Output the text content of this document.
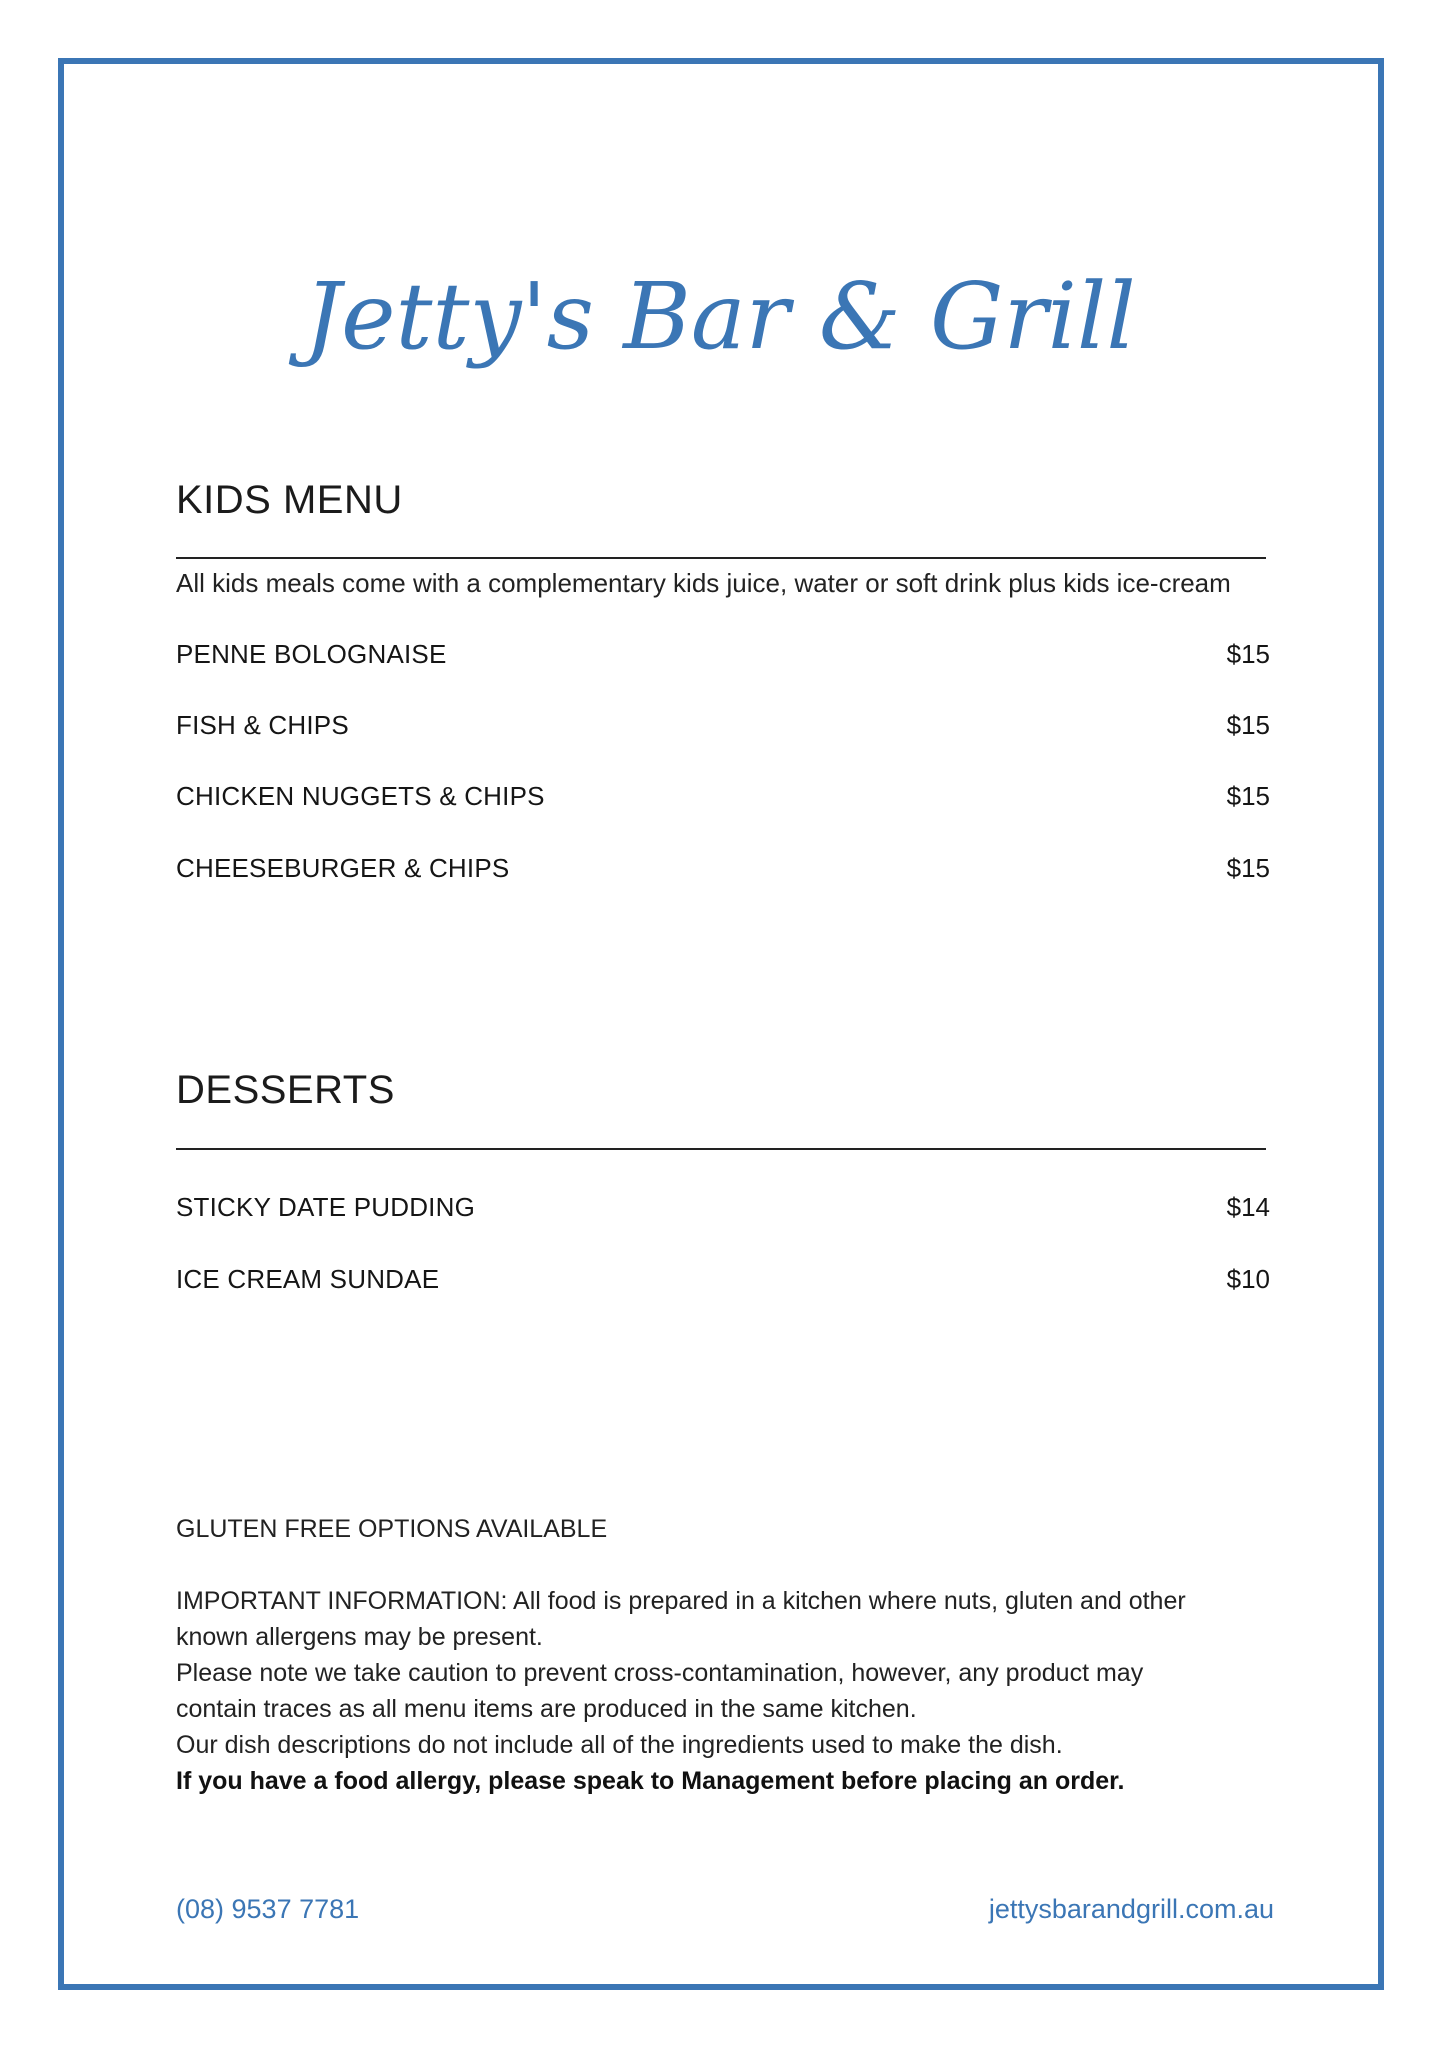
Jetty's Bar & Grill
KIDS MENU
All kids meals come with a complementary kids juice, water or soft drink plus kids ice-cream
PENNE BOLOGNAISE	$15
FISH & CHIPS	$15
CHICKEN NUGGETS & CHIPS	$15
CHEESEBURGER & CHIPS	$15
DESSERTS
STICKY DATE PUDDING	$14
ICE CREAM SUNDAE	$10
GLUTEN FREE OPTIONS AVAILABLE
IMPORTANT INFORMATION: All food is prepared in a kitchen where nuts, gluten and other
known allergens may be present.
Please note we take caution to prevent cross-contamination, however, any product may
contain traces as all menu items are produced in the same kitchen.
Our dish descriptions do not include all of the ingredients used to make the dish.
If you have a food allergy, please speak to Management before placing an order.
(08) 9537 7781	jettysbarandgrill.com.au
